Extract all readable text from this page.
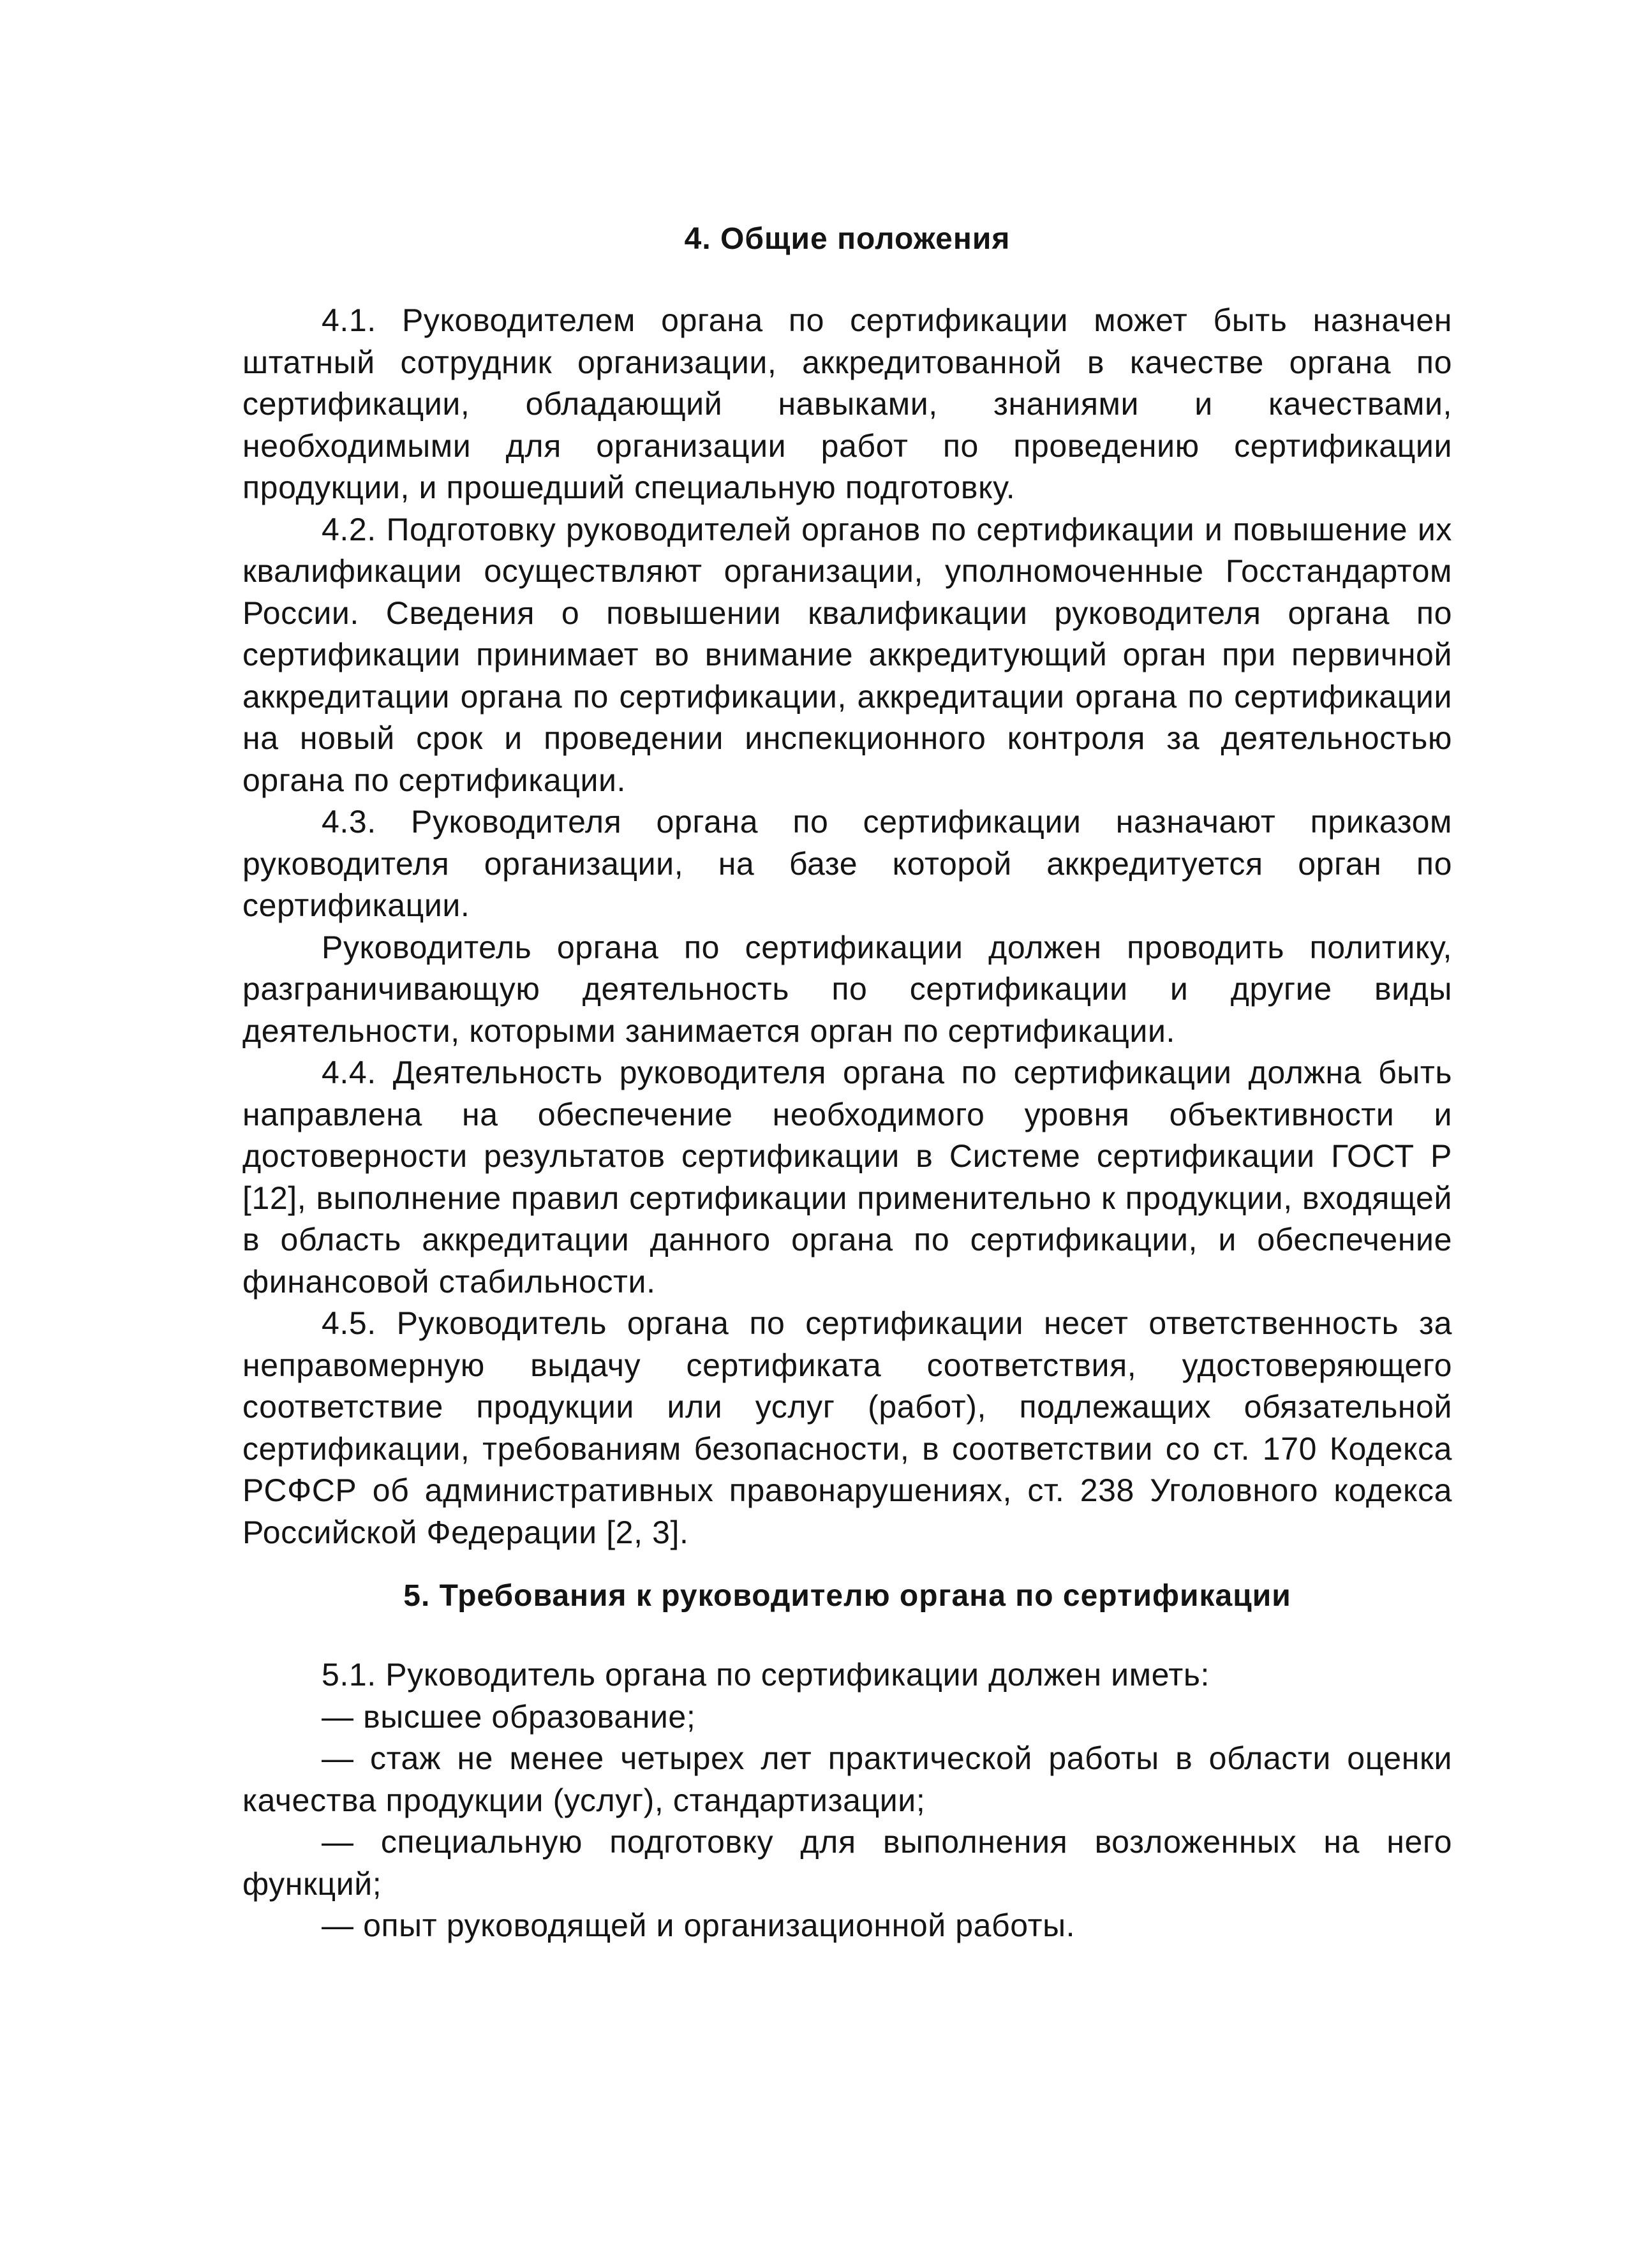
4. Общие положения

4.1. Руководителем органа по сертификации может быть назначен штатный сотрудник организации, аккредитованной в качестве органа по сертификации, обладающий навыками, знаниями и качествами, необходимыми для организации работ по проведению сертификации продукции, и прошедший специальную подготовку.

4.2. Подготовку руководителей органов по сертификации и повышение их квалификации осуществляют организации, уполномоченные Госстандартом России. Сведения о повышении квалификации руководителя органа по сертификации принимает во внимание аккредитующий орган при первичной аккредитации органа по сертификации, аккредитации органа по сертификации на новый срок и проведении инспекционного контроля за деятельностью органа по сертификации.

4.3. Руководителя органа по сертификации назначают приказом руководителя организации, на базе которой аккредитуется орган по сертификации.

Руководитель органа по сертификации должен проводить политику, разграничивающую деятельность по сертификации и другие виды деятельности, которыми занимается орган по сертификации.

4.4. Деятельность руководителя органа по сертификации должна быть направлена на обеспечение необходимого уровня объективности и достоверности результатов сертификации в Системе сертификации ГОСТ Р [12], выполнение правил сертификации применительно к продукции, входящей в область аккредитации данного органа по сертификации, и обеспечение финансовой стабильности.

4.5. Руководитель органа по сертификации несет ответственность за неправомерную выдачу сертификата соответствия, удостоверяющего соответствие продукции или услуг (работ), подлежащих обязательной сертификации, требованиям безопасности, в соответствии со ст. 170 Кодекса РСФСР об административных правонарушениях, ст. 238 Уголовного кодекса Российской Федерации [2, 3].

5. Требования к руководителю органа по сертификации

5.1. Руководитель органа по сертификации должен иметь:

— высшее образование;

— стаж не менее четырех лет практической работы в области оценки качества продукции (услуг), стандартизации;

— специальную подготовку для выполнения возложенных на него функций;

— опыт руководящей и организационной работы.
